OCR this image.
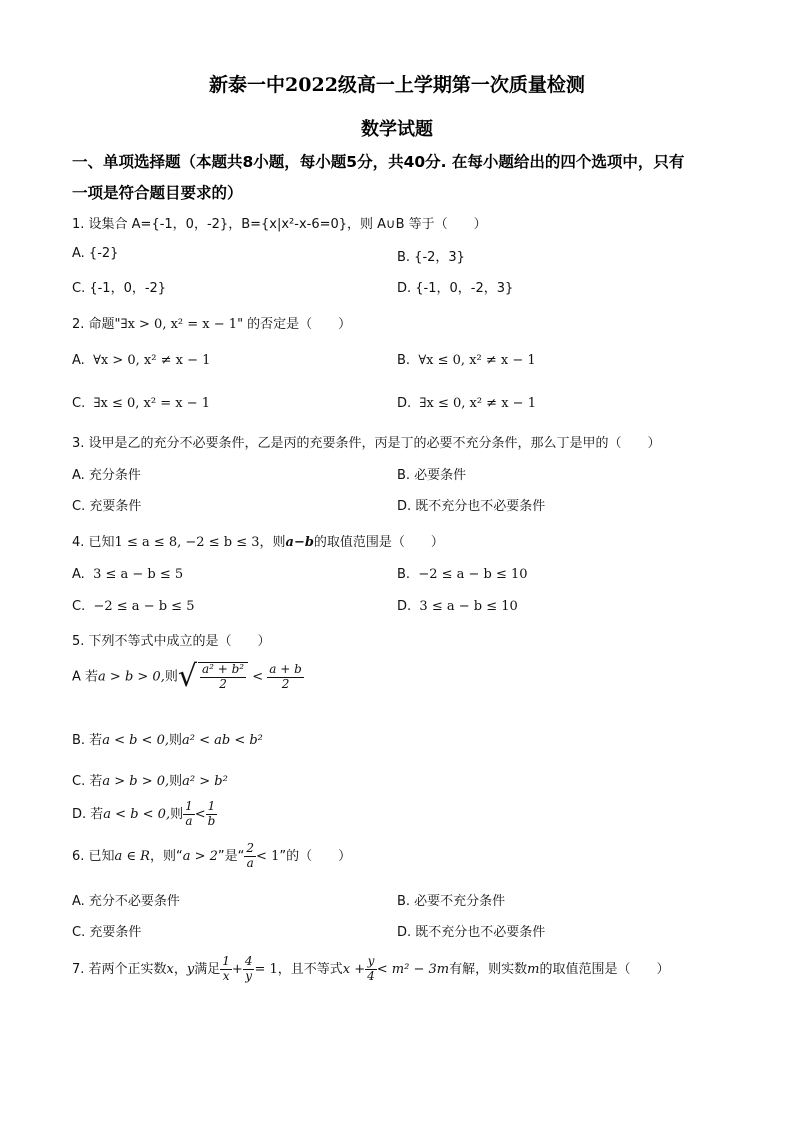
新泰一中2022级高一上学期第一次质量检测
数学试题
一、单项选择题（本题共8小题，每小题5分，共40分. 在每小题给出的四个选项中，只有
一项是符合题目要求的）
1. 设集合 A={-1，0，-2}，B={x|x²-x-6=0}，则 A∪B 等于（　　）
A. {-2}	B. {-2，3}
C. {-1，0，-2}	D. {-1，0，-2，3}
2. 命题"∃x > 0, x² = x − 1" 的否定是（　　）
A. ∀x > 0, x² ≠ x − 1	B. ∀x ≤ 0, x² ≠ x − 1
C. ∃x ≤ 0, x² = x − 1	D. ∃x ≤ 0, x² ≠ x − 1
3. 设甲是乙的充分不必要条件，乙是丙的充要条件，丙是丁的必要不充分条件，那么丁是甲的（　　）
A. 充分条件	B. 必要条件
C. 充要条件	D. 既不充分也不必要条件
4. 已知1 ≤ a ≤ 8, −2 ≤ b ≤ 3，则a−b的取值范围是（　　）
A. 3 ≤ a − b ≤ 5	B. −2 ≤ a − b ≤ 10
C. −2 ≤ a − b ≤ 5	D. 3 ≤ a − b ≤ 10
5. 下列不等式中成立的是（　　）
A 若a > b > 0,则√ $\frac{\text{a² + b²}}{2} < \frac{a + b}{2}$
B. 若a < b < 0,则a² < ab < b²
C. 若a > b > 0,则a² > b²
D. 若a < b < 0,则 $\frac{1}{a} < \frac{1}{b}$
6. 已知a ∈ R，则“a > 2”是“ $\frac{2}{a} < 1$”的（　　）
A. 充分不必要条件	B. 必要不充分条件
C. 充要条件	D. 既不充分也不必要条件
7. 若两个正实数x，y满足 $\frac{1}{x} + \frac{4}{y} = 1$，且不等式$x + \frac{y}{4} < m^2 - 3m$有解，则实数m的取值范围是（　　）
